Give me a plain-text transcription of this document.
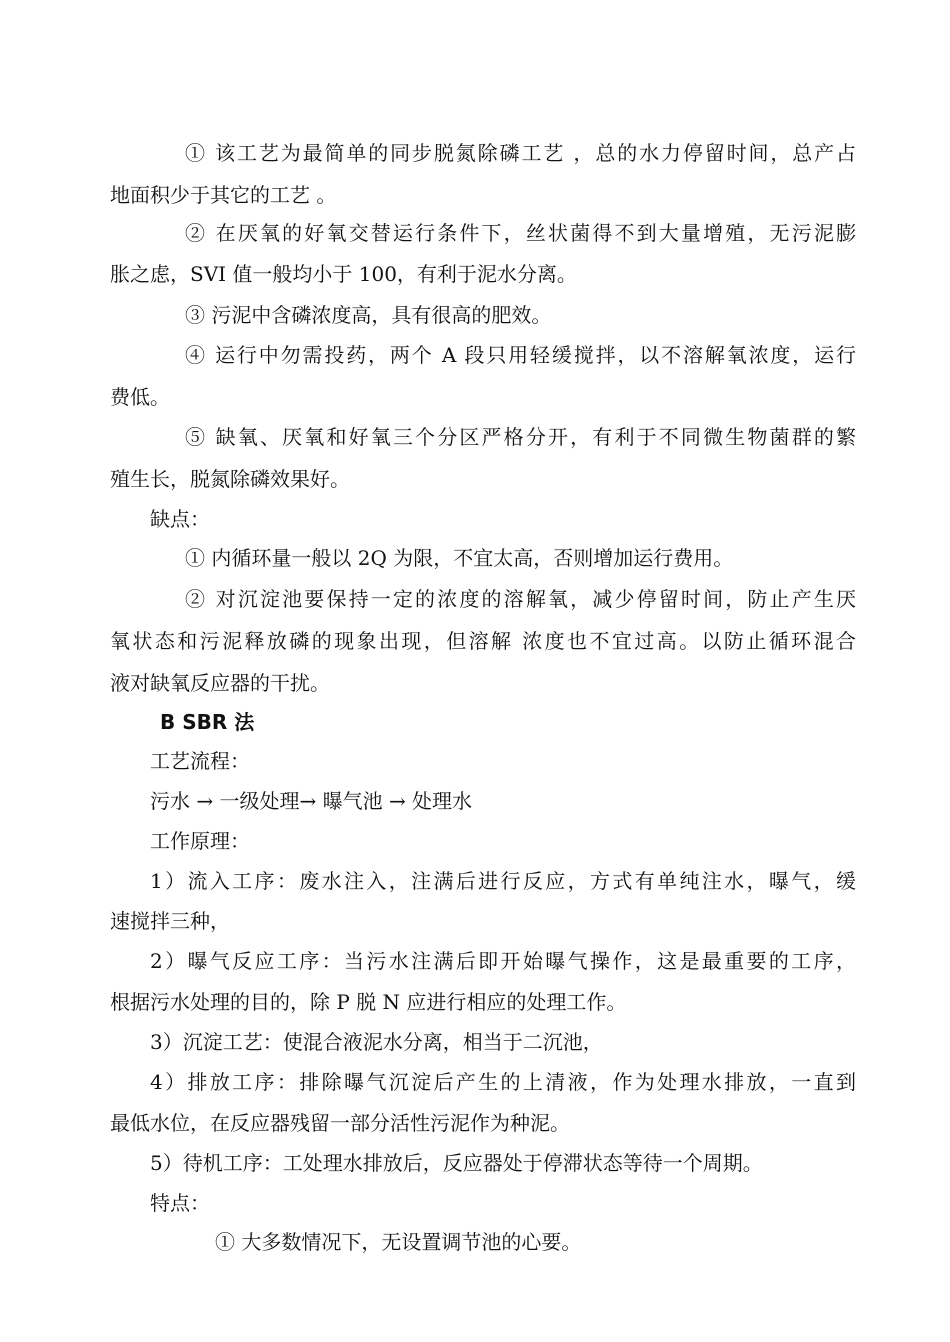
① 该工艺为最简单的同步脱氮除磷工艺 ，总的水力停留时间，总产占
地面积少于其它的工艺 。
② 在厌氧的好氧交替运行条件下，丝状菌得不到大量增殖，无污泥膨
胀之虑，SVI 值一般均小于 100，有利于泥水分离。
③ 污泥中含磷浓度高，具有很高的肥效。
④ 运行中勿需投药，两个 A 段只用轻缓搅拌，以不溶解氧浓度，运行
费低。
⑤ 缺氧、厌氧和好氧三个分区严格分开，有利于不同微生物菌群的繁
殖生长，脱氮除磷效果好。
缺点：
① 内循环量一般以 2Q 为限，不宜太高，否则增加运行费用。
② 对沉淀池要保持一定的浓度的溶解氧，减少停留时间，防止产生厌
氧状态和污泥释放磷的现象出现，但溶解 浓度也不宜过高。以防止循环混合
液对缺氧反应器的干扰。
B SBR 法
工艺流程：
污水 → 一级处理→ 曝气池 → 处理水
工作原理：
1）流入工序：废水注入，注满后进行反应，方式有单纯注水，曝气，缓
速搅拌三种，
2）曝气反应工序：当污水注满后即开始曝气操作，这是最重要的工序，
根据污水处理的目的，除 P 脱 N 应进行相应的处理工作。
3）沉淀工艺：使混合液泥水分离，相当于二沉池，
4）排放工序：排除曝气沉淀后产生的上清液，作为处理水排放，一直到
最低水位，在反应器残留一部分活性污泥作为种泥。
5）待机工序：工处理水排放后，反应器处于停滞状态等待一个周期。
特点：
① 大多数情况下，无设置调节池的心要。
